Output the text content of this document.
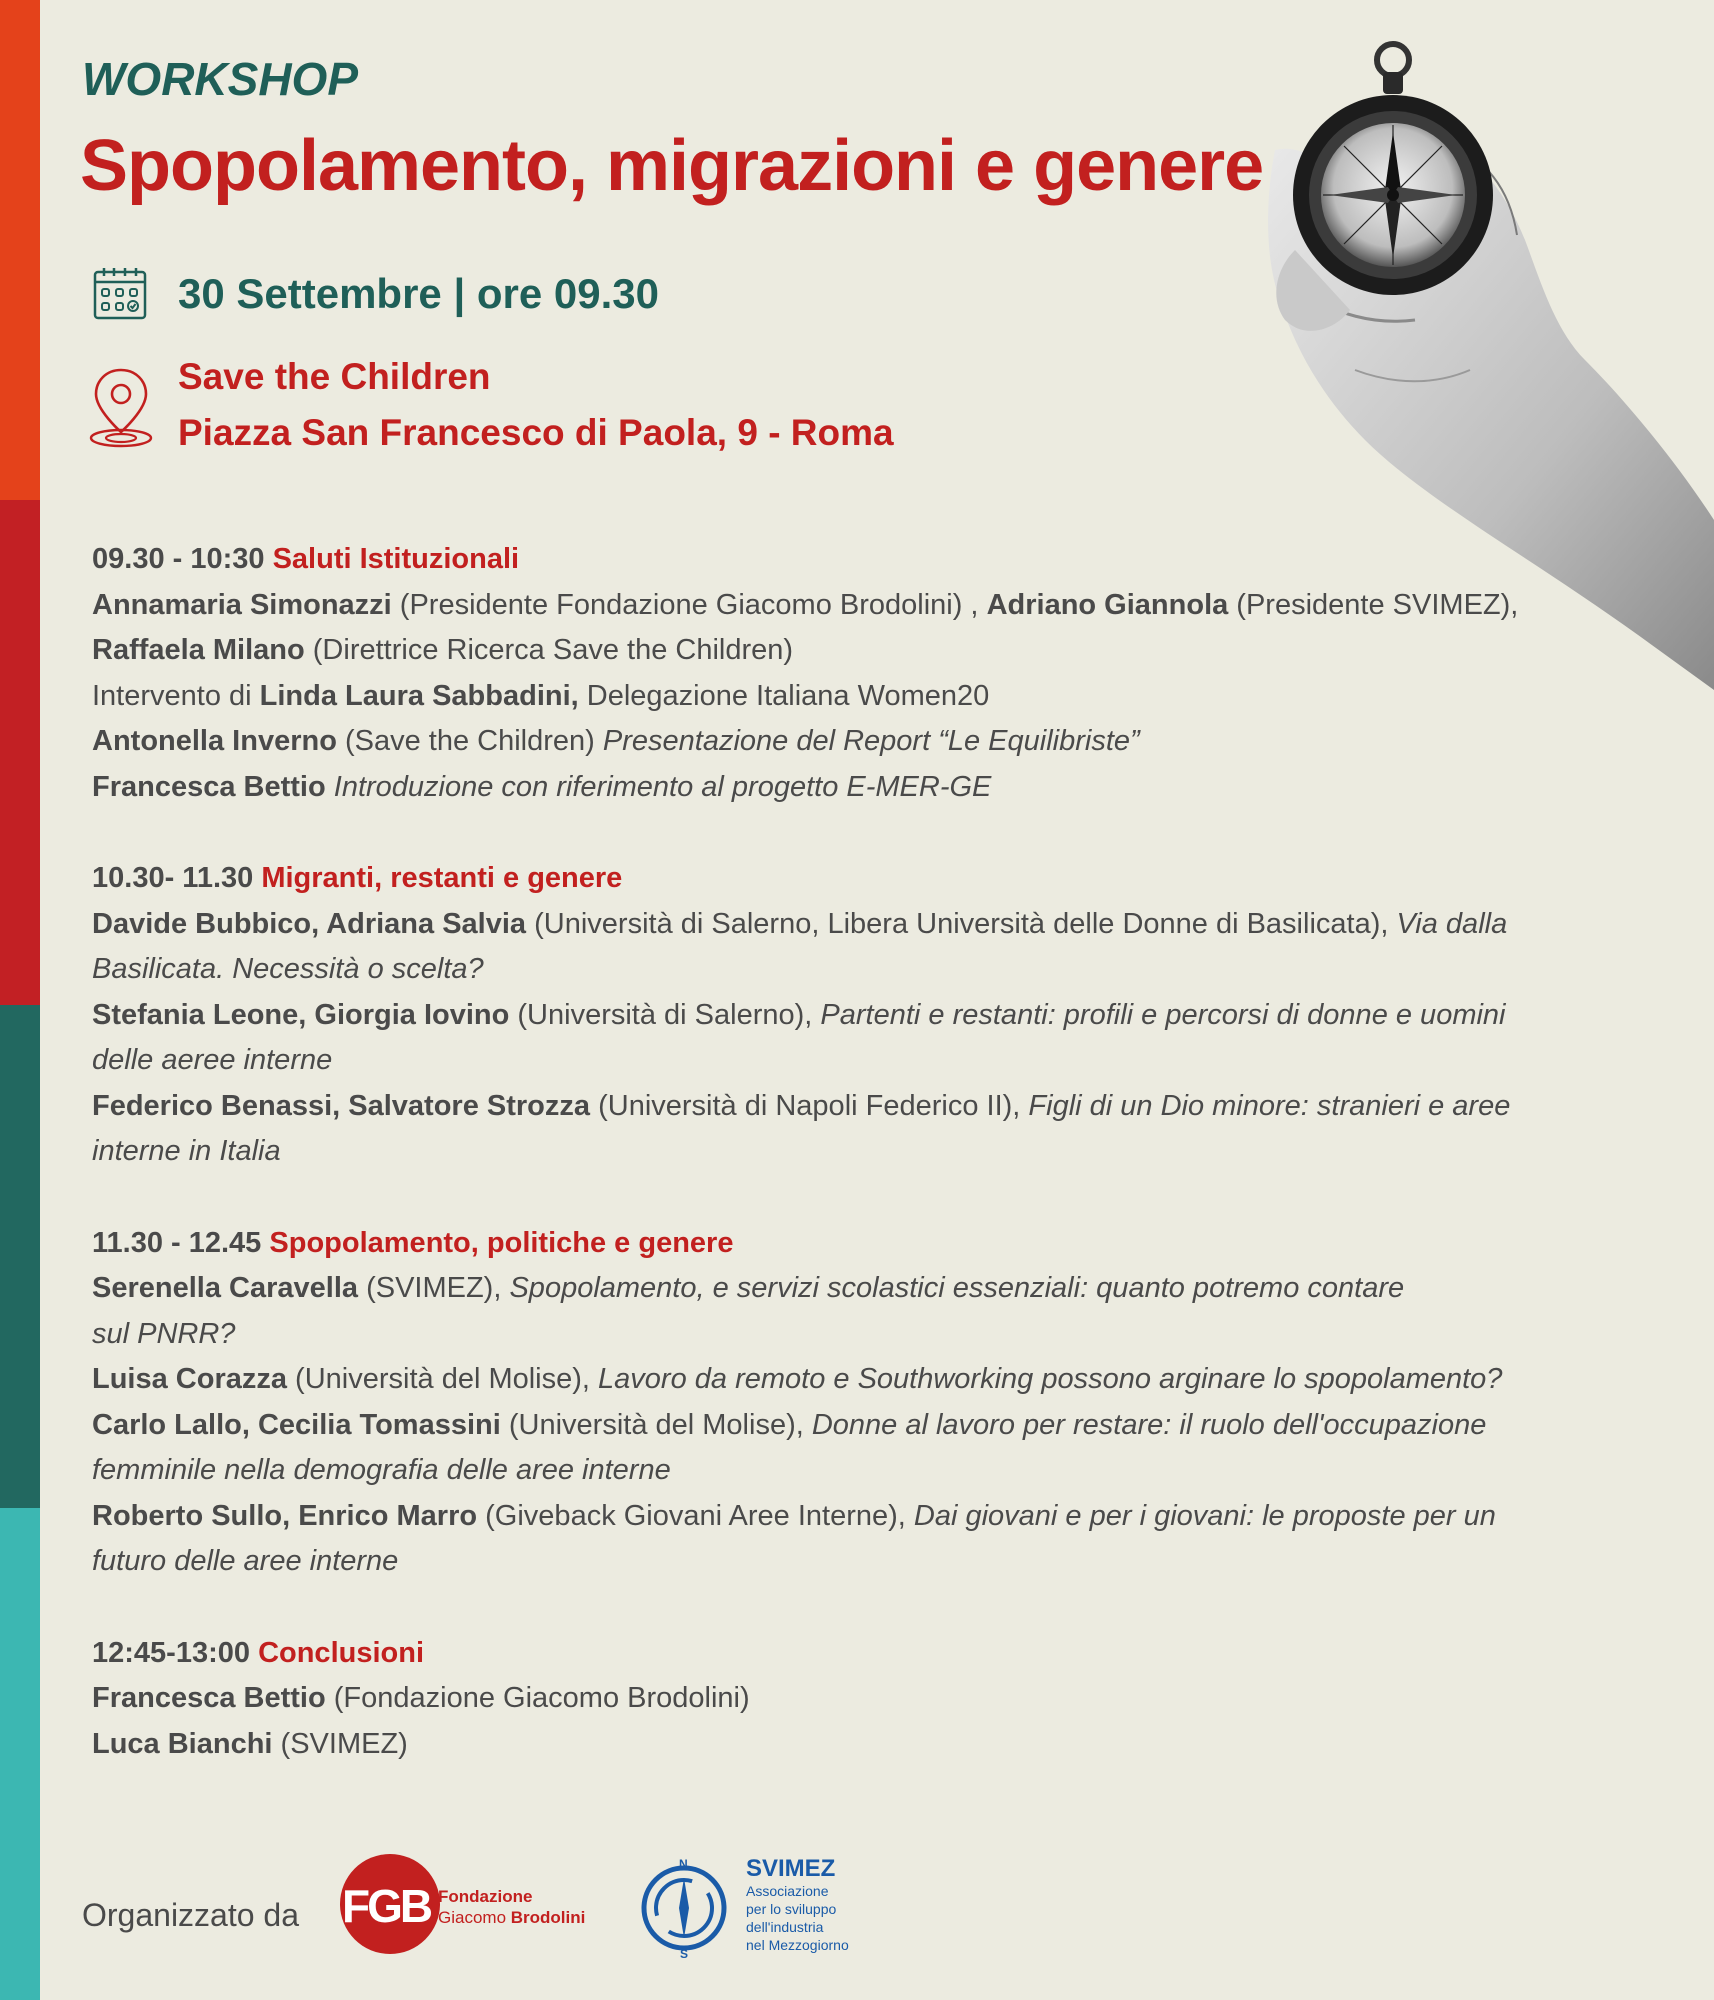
WORKSHOP
Spopolamento, migrazioni e genere
30 Settembre | ore 09.30
Save the Children
Piazza San Francesco di Paola, 9 - Roma

09.30 - 10:30 Saluti Istituzionali

Annamaria Simonazzi (Presidente Fondazione Giacomo Brodolini) , Adriano Giannola (Presidente SVIMEZ),

Raffaela Milano (Direttrice Ricerca Save the Children)

Intervento di Linda Laura Sabbadini, Delegazione Italiana Women20

Antonella Inverno (Save the Children) Presentazione del Report “Le Equilibriste”

Francesca Bettio Introduzione con riferimento al progetto E-MER-GE

10.30- 11.30 Migranti, restanti e genere

Davide Bubbico, Adriana Salvia (Università di Salerno, Libera Università delle Donne di Basilicata), Via dalla

Basilicata. Necessità o scelta?

Stefania Leone, Giorgia Iovino (Università di Salerno), Partenti e restanti: profili e percorsi di donne e uomini

delle aeree interne

Federico Benassi, Salvatore Strozza (Università di Napoli Federico II), Figli di un Dio minore: stranieri e aree

interne in Italia

11.30 - 12.45 Spopolamento, politiche e genere

Serenella Caravella (SVIMEZ), Spopolamento, e servizi scolastici essenziali: quanto potremo contare

sul PNRR?

Luisa Corazza (Università del Molise), Lavoro da remoto e Southworking possono arginare lo spopolamento?

Carlo Lallo, Cecilia Tomassini (Università del Molise), Donne al lavoro per restare: il ruolo dell'occupazione

femminile nella demografia delle aree interne

Roberto Sullo, Enrico Marro (Giveback Giovani Aree Interne), Dai giovani e per i giovani: le proposte per un

futuro delle aree interne

12:45-13:00 Conclusioni

Francesca Bettio (Fondazione Giacomo Brodolini)

Luca Bianchi (SVIMEZ)

Organizzato da FGB Fondazione
Giacomo Brodolini
N
S
SVIMEZ
Associazione
per lo sviluppo
dell'industria
nel Mezzogiorno
